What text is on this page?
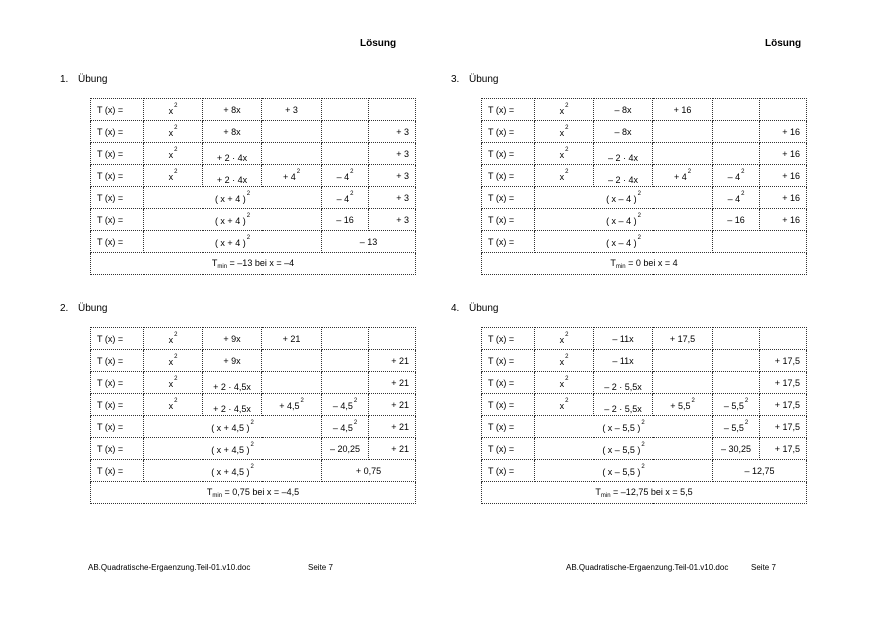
Lösung	Lösung
1. Übung
2. Übung
3. Übung
4. Übung
T (x) =	$x^2$	+ 8x	+ 3		
T (x) =	$x^2$	+ 8x			+ 3
T (x) =	$x^2$	+ 2 · 4x			+ 3
T (x) =	$x^2$	+ 2 · 4x	+ $4^2$	– $4^2$	+ 3
T (x) =	( x + 4 )$^2$			– $4^2$	+ 3
T (x) =	( x + 4 )$^2$			– 16	+ 3
T (x) =	( x + 4 )$^2$			– 13	
$T_{min} = -13$ bei x = –4					
T (x) =	$x^2$	+ 9x	+ 21		
T (x) =	$x^2$	+ 9x			+ 21
T (x) =	$x^2$	+ 2 · 4,5x			+ 21
T (x) =	$x^2$	+ 2 · 4,5x	+ $4,5^2$	– $4,5^2$	+ 21
T (x) =	( x + 4,5 )$^2$			– $4,5^2$	+ 21
T (x) =	( x + 4,5 )$^2$			– 20,25	+ 21
T (x) =	( x + 4,5 )$^2$			+ 0,75	
$T_{min} = 0,75$ bei x = –4,5					
T (x) =	$x^2$	– 8x	+ 16		
T (x) =	$x^2$	– 8x			+ 16
T (x) =	$x^2$	– 2 · 4x			+ 16
T (x) =	$x^2$	– 2 · 4x	+ $4^2$	– $4^2$	+ 16
T (x) =	( x – 4 )$^2$			– $4^2$	+ 16
T (x) =	( x – 4 )$^2$			– 16	+ 16
T (x) =	( x – 4 )$^2$	
$T_{min} = 0$ bei x = 4					
T (x) =	$x^2$	– 11x	+ 17,5		
T (x) =	$x^2$	– 11x			+ 17,5
T (x) =	$x^2$	– 2 · 5,5x			+ 17,5
T (x) =	$x^2$	– 2 · 5,5x	+ $5,5^2$	– $5,5^2$	+ 17,5
T (x) =	( x – 5,5 )$^2$			– $5,5^2$	+ 17,5
T (x) =	( x – 5,5 )$^2$			– 30,25	+ 17,5
T (x) =	( x – 5,5 )$^2$			– 12,75	
$T_{min} = -12,75$ bei x = 5,5					
AB.Quadratische-Ergaenzung.Teil-01.v10.doc	Seite 7	AB.Quadratische-Ergaenzung.Teil-01.v10.doc	Seite 7
